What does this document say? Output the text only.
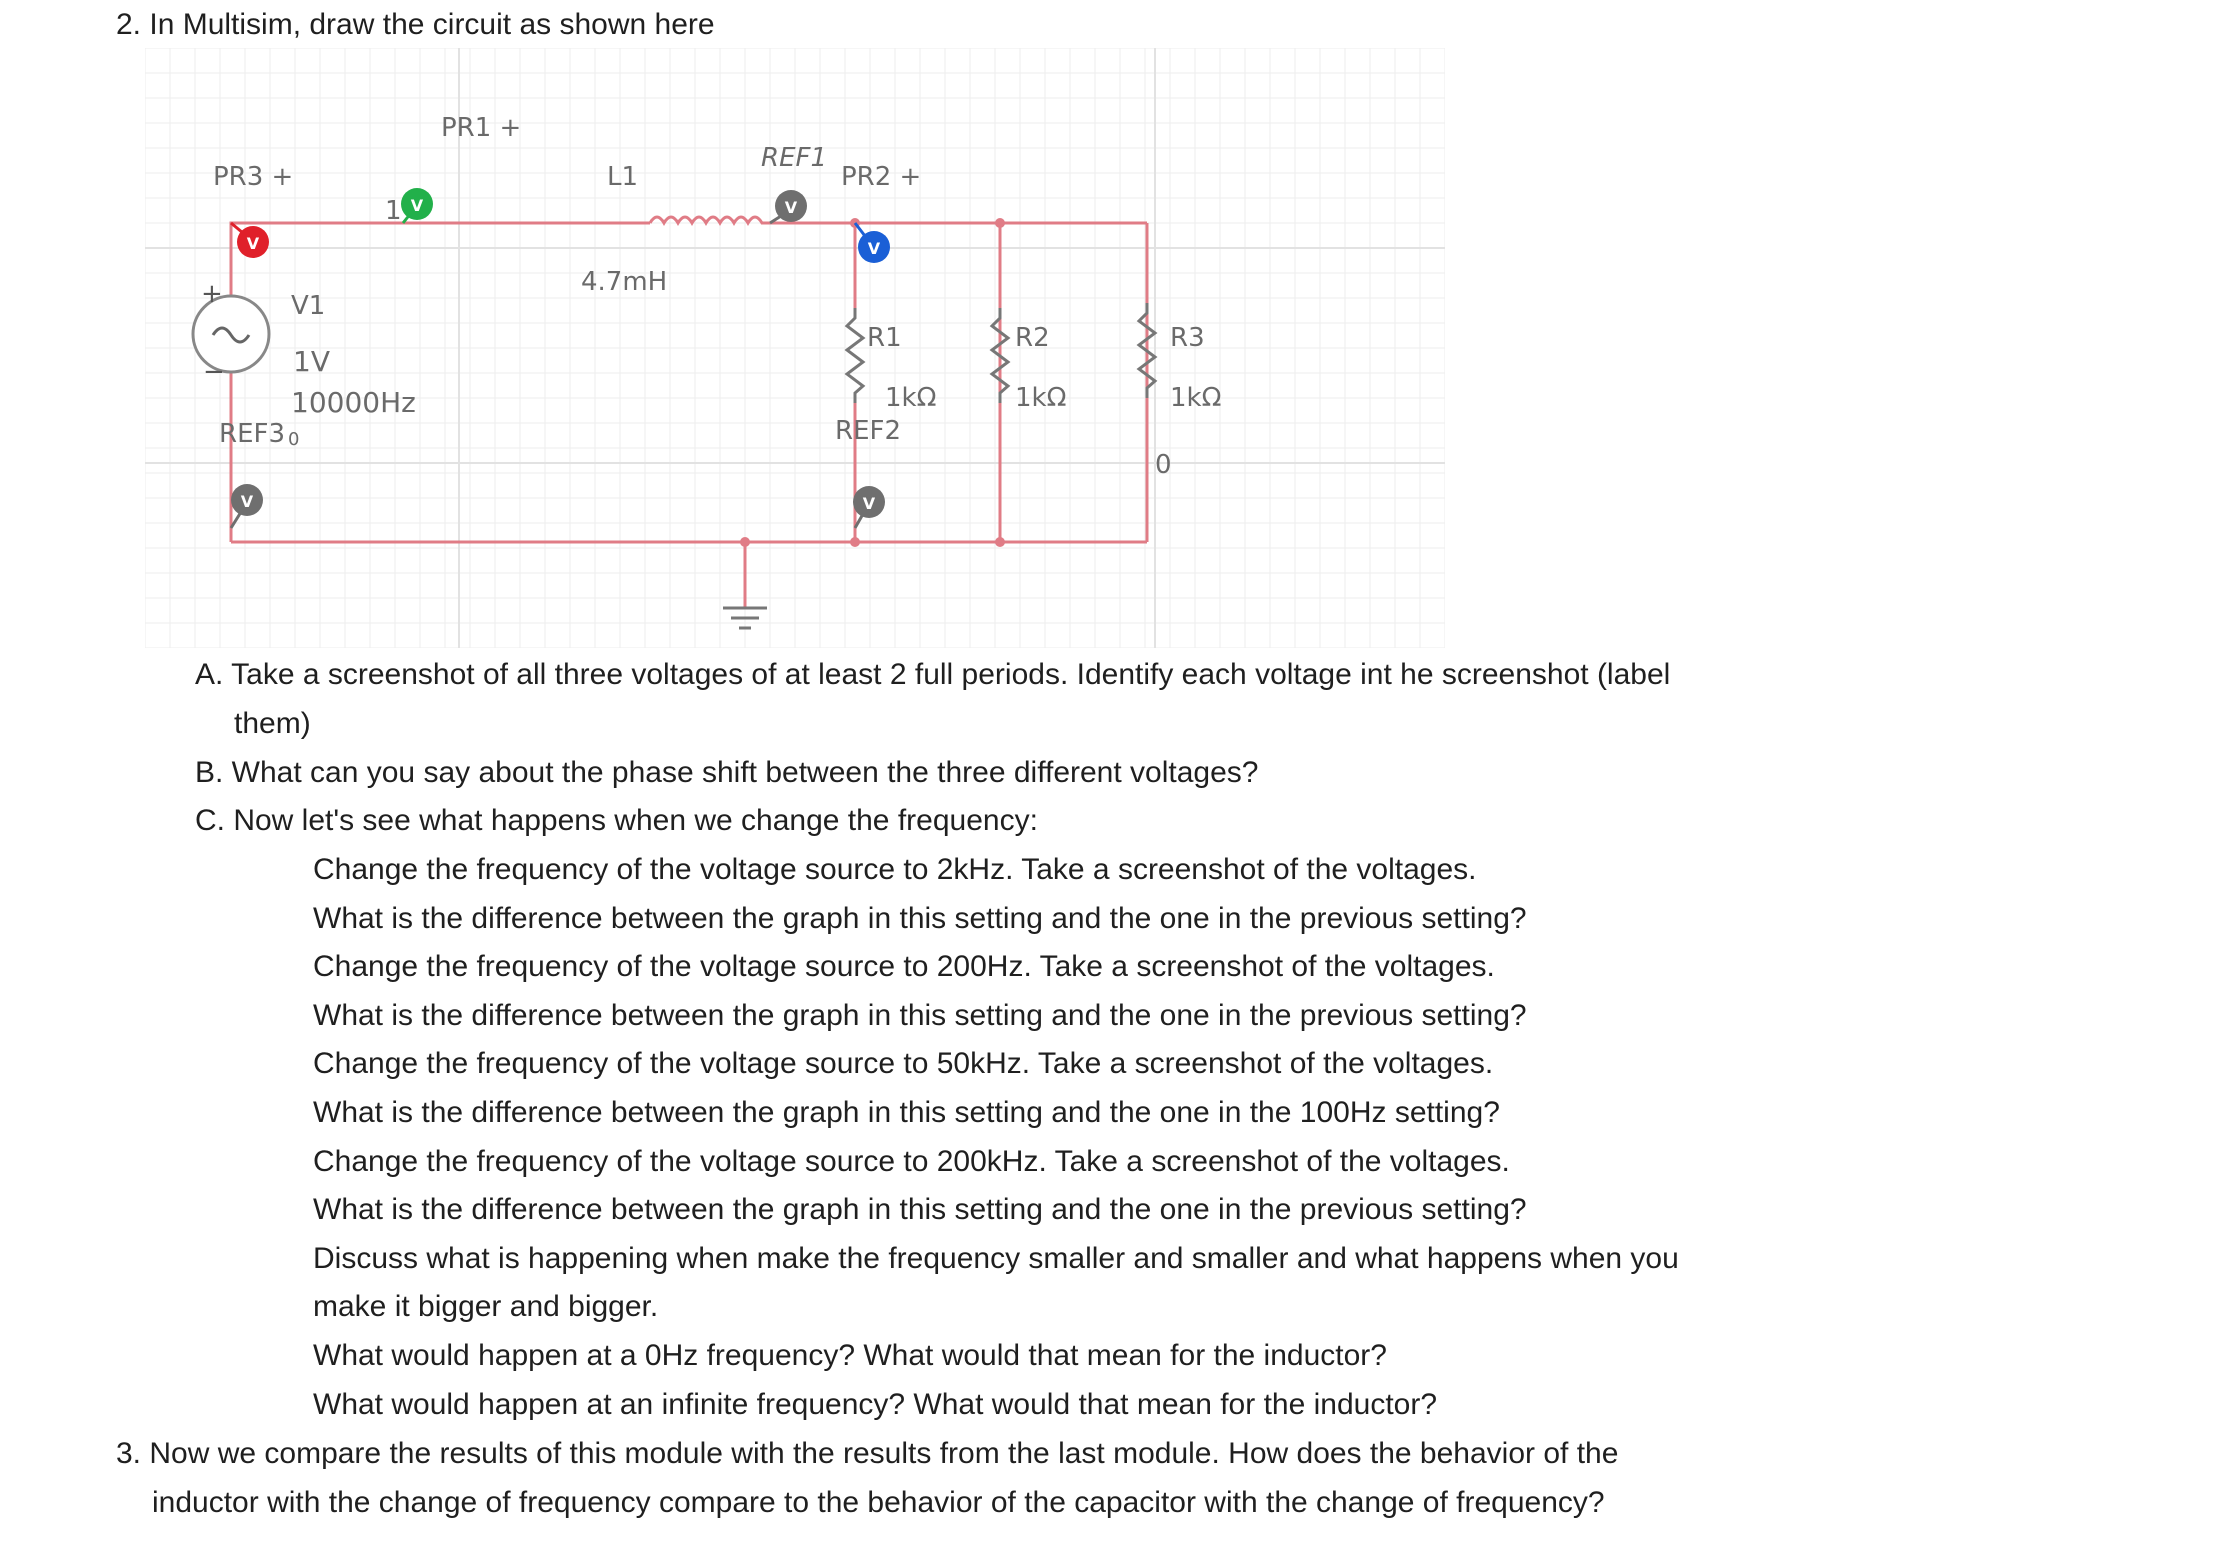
2. In Multisim, draw the circuit as shown here
+
−
V
V	V
V
V	V
PR3 +
PR1 +
REF1
PR2 +
1
L1
4.7mH
V1
1V
10000Hz
REF3 0
R1
1kΩ
REF2
R2
1kΩ
R3
1kΩ
0
A. Take a screenshot of all three voltages of at least 2 full periods. Identify each voltage int he screenshot (label
them)
B. What can you say about the phase shift between the three different voltages?
C. Now let's see what happens when we change the frequency:
Change the frequency of the voltage source to 2kHz. Take a screenshot of the voltages.
What is the difference between the graph in this setting and the one in the previous setting?
Change the frequency of the voltage source to 200Hz. Take a screenshot of the voltages.
What is the difference between the graph in this setting and the one in the previous setting?
Change the frequency of the voltage source to 50kHz. Take a screenshot of the voltages.
What is the difference between the graph in this setting and the one in the 100Hz setting?
Change the frequency of the voltage source to 200kHz. Take a screenshot of the voltages.
What is the difference between the graph in this setting and the one in the previous setting?
Discuss what is happening when make the frequency smaller and smaller and what happens when you
make it bigger and bigger.
What would happen at a 0Hz frequency? What would that mean for the inductor?
What would happen at an infinite frequency? What would that mean for the inductor?
3. Now we compare the results of this module with the results from the last module. How does the behavior of the
inductor with the change of frequency compare to the behavior of the capacitor with the change of frequency?
